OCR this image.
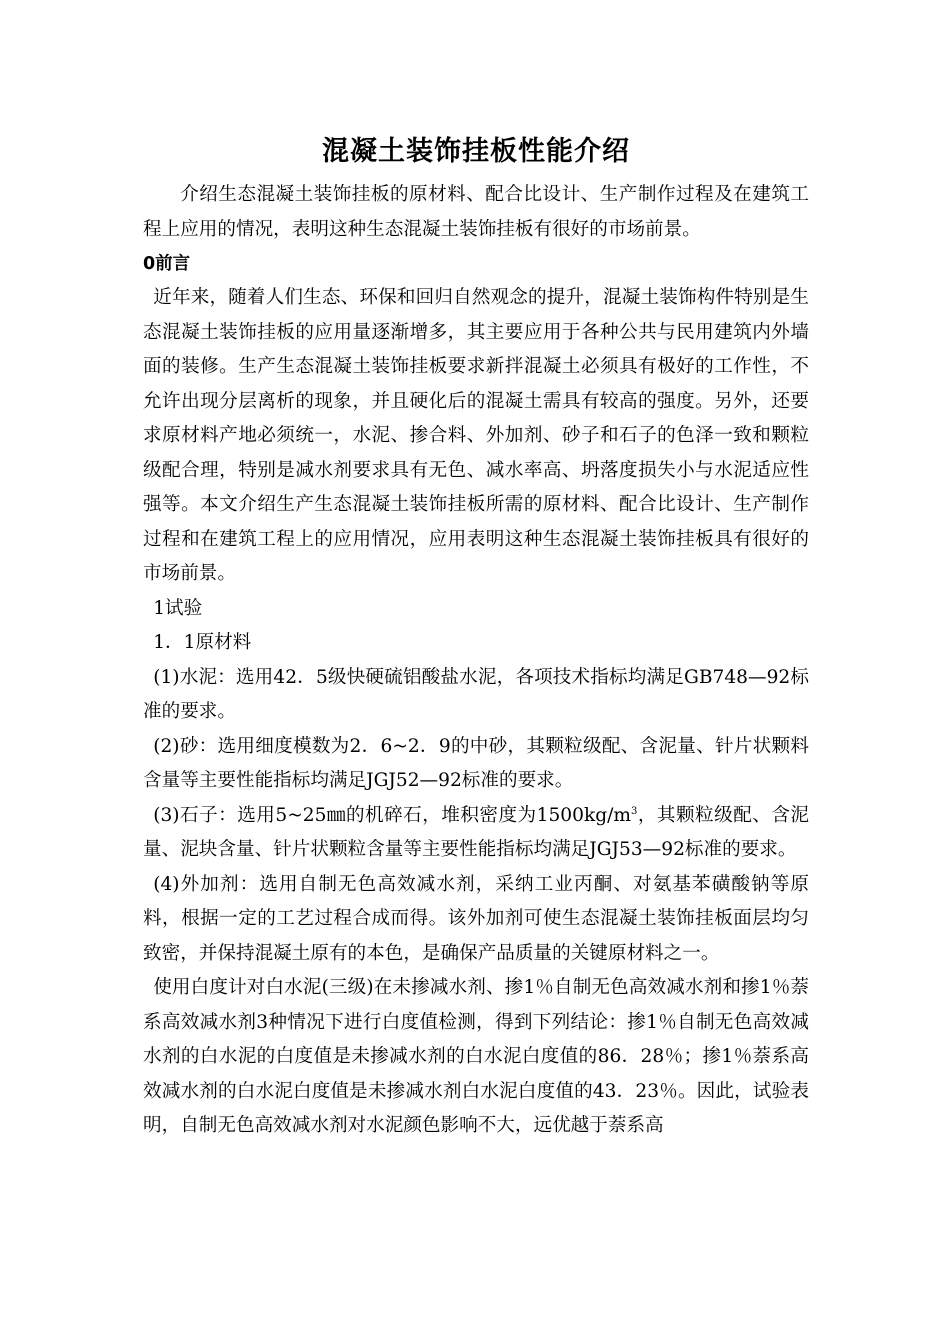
混凝土装饰挂板性能介绍

介绍生态混凝土装饰挂板的原材料、配合比设计、生产制作过程及在建筑工程上应用的情况，表明这种生态混凝土装饰挂板有很好的市场前景。

0前言

近年来，随着人们生态、环保和回归自然观念的提升，混凝土装饰构件特别是生态混凝土装饰挂板的应用量逐渐增多，其主要应用于各种公共与民用建筑内外墙面的装修。生产生态混凝土装饰挂板要求新拌混凝土必须具有极好的工作性，不允许出现分层离析的现象，并且硬化后的混凝土需具有较高的强度。另外，还要求原材料产地必须统一，水泥、掺合料、外加剂、砂子和石子的色泽一致和颗粒级配合理，特别是减水剂要求具有无色、减水率高、坍落度损失小与水泥适应性强等。本文介绍生产生态混凝土装饰挂板所需的原材料、配合比设计、生产制作过程和在建筑工程上的应用情况，应用表明这种生态混凝土装饰挂板具有很好的市场前景。

1试验

1．1原材料

(1)水泥：选用42．5级快硬硫铝酸盐水泥，各项技术指标均满足GB748—92标准的要求。

(2)砂：选用细度模数为2．6~2．9的中砂，其颗粒级配、含泥量、针片状颗料含量等主要性能指标均满足JGJ52—92标准的要求。

(3)石子：选用5~25㎜的机碎石，堆积密度为$1500kg/m^3$，其颗粒级配、含泥量、泥块含量、针片状颗粒含量等主要性能指标均满足JGJ53—92标准的要求。

(4)外加剂：选用自制无色高效减水剂，采纳工业丙酮、对氨基苯磺酸钠等原料，根据一定的工艺过程合成而得。该外加剂可使生态混凝土装饰挂板面层均匀致密，并保持混凝土原有的本色，是确保产品质量的关键原材料之一。

使用白度计对白水泥(三级)在未掺减水剂、掺1％自制无色高效减水剂和掺1％萘系高效减水剂3种情况下进行白度值检测，得到下列结论：掺1％自制无色高效减水剂的白水泥的白度值是未掺减水剂的白水泥白度值的86．28％；掺1％萘系高效减水剂的白水泥白度值是未掺减水剂白水泥白度值的43．23％。因此，试验表明，自制无色高效减水剂对水泥颜色影响不大，远优越于萘系高
